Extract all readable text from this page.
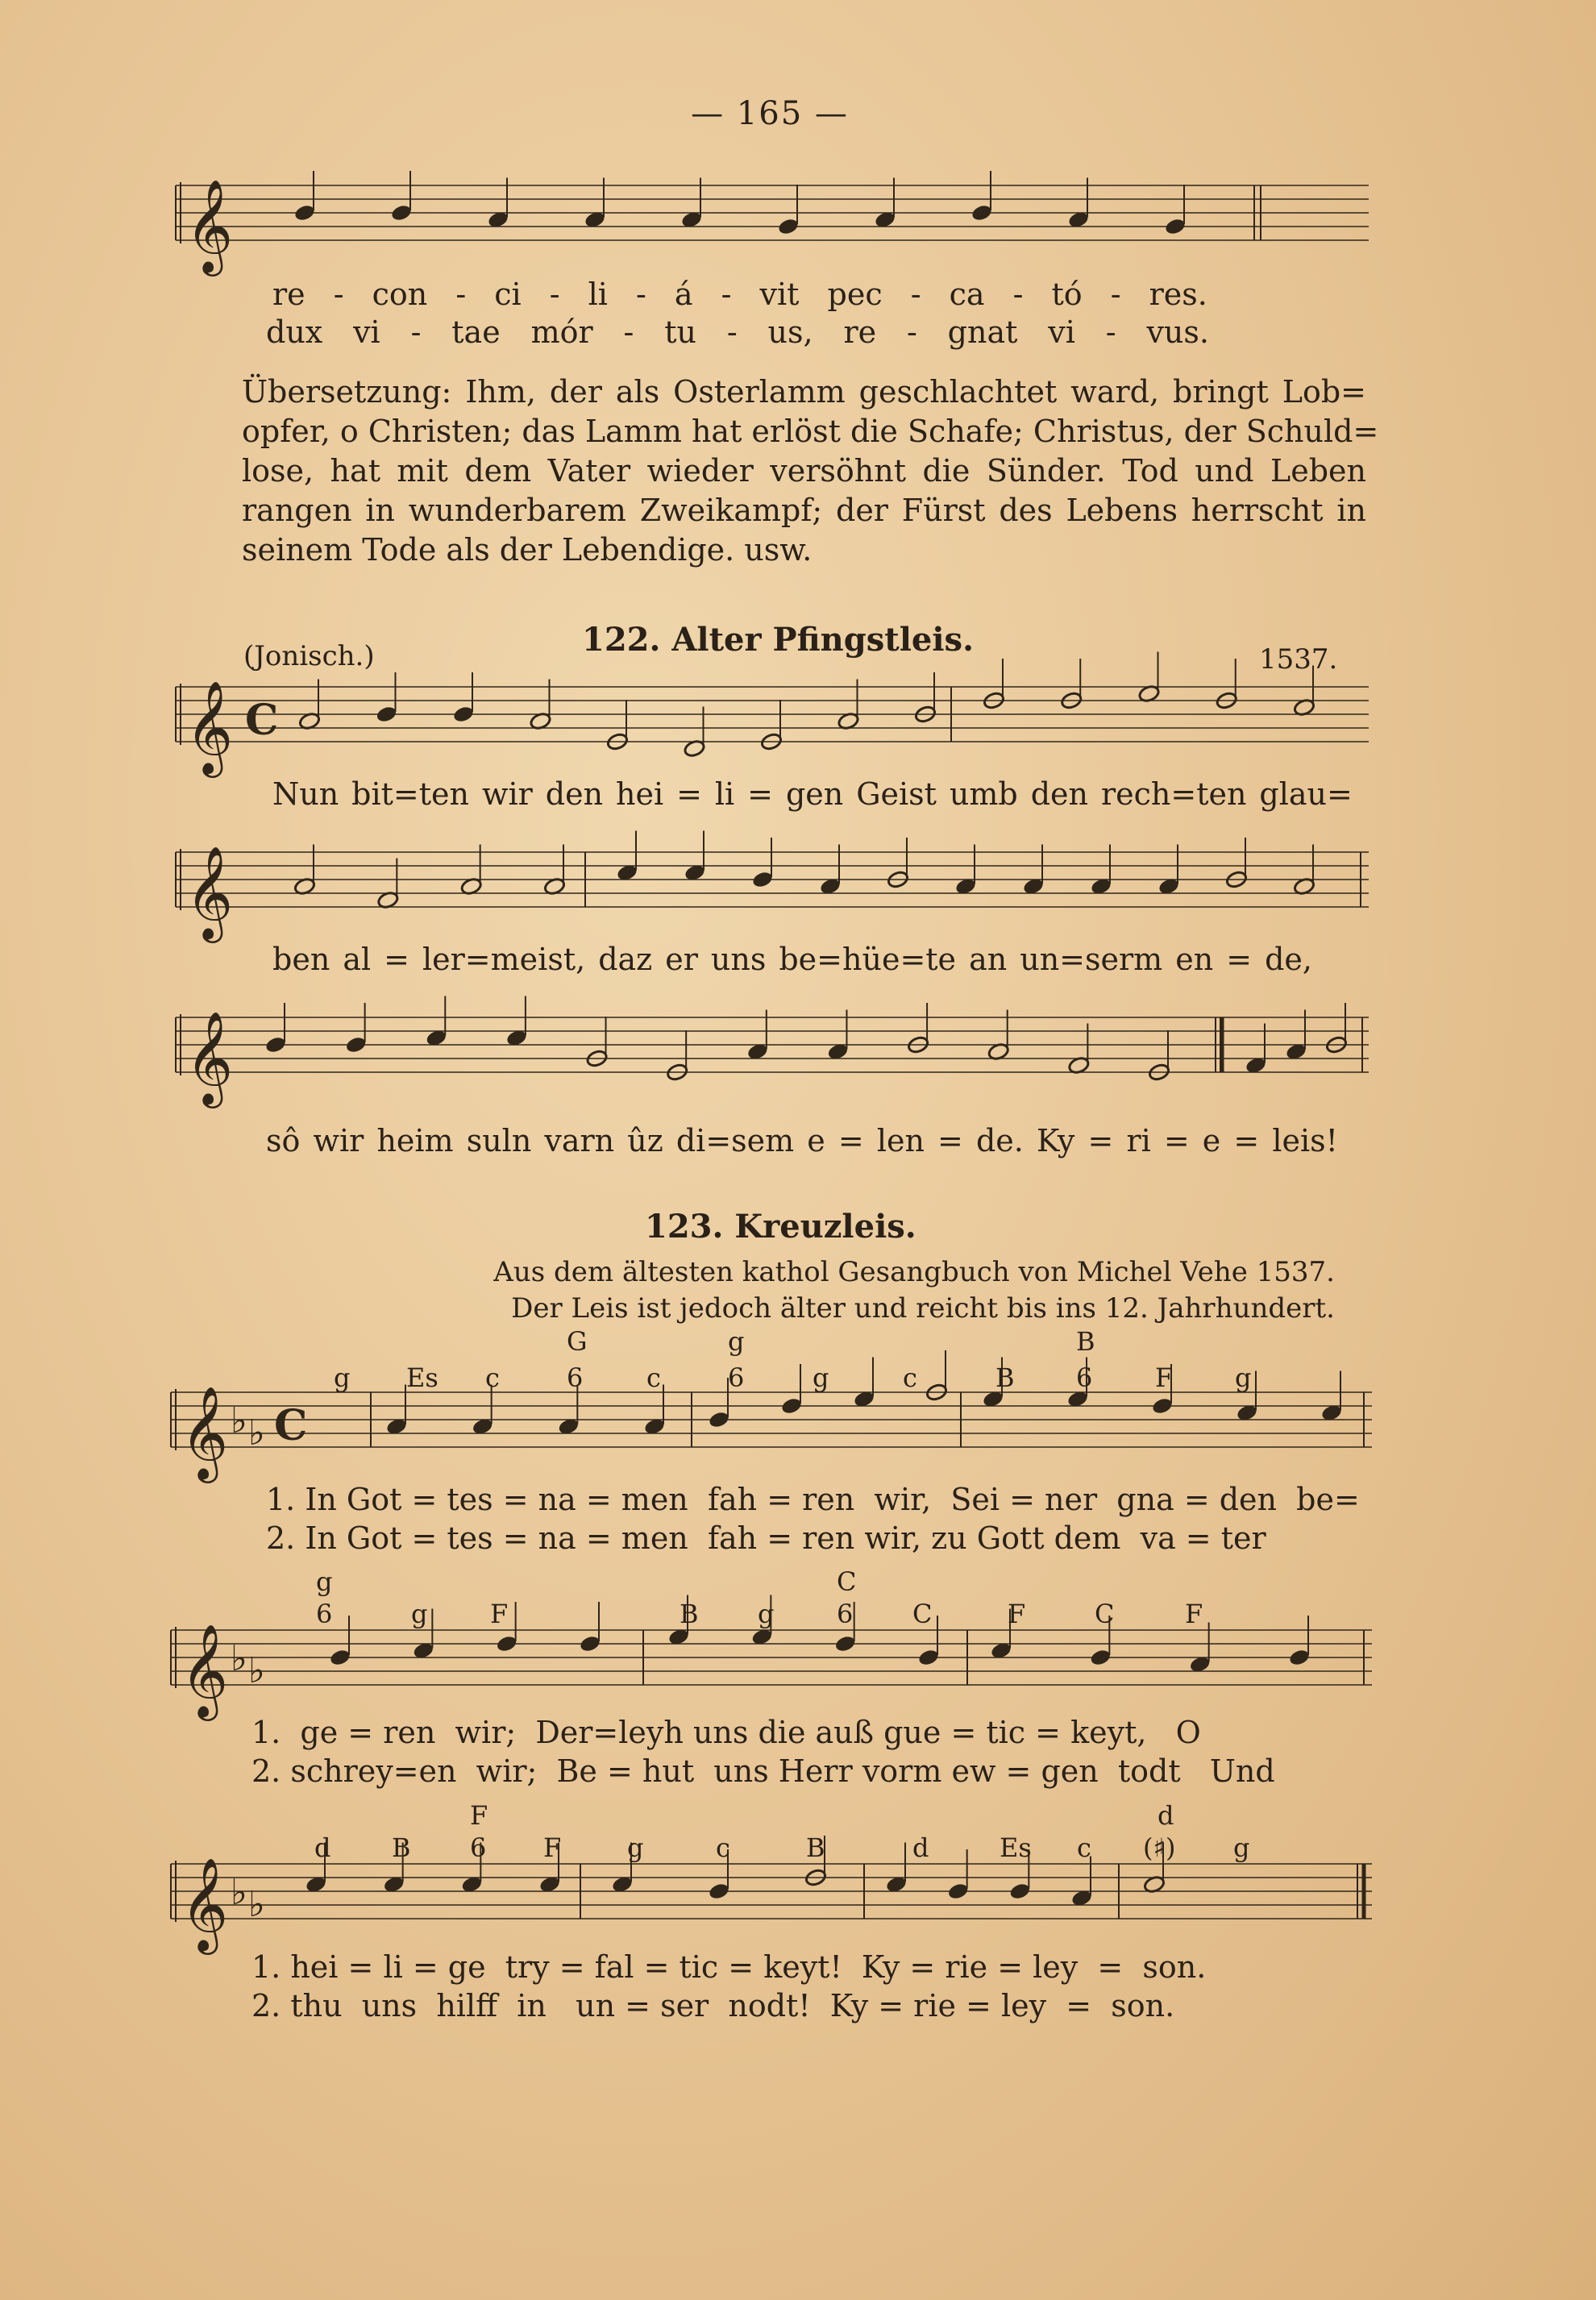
— 165 —
𝄞
re - con - ci - li - á - vit pec - ca - tó - res.
dux vi - tae mór - tu - us, re - gnat vi - vus.
Übersetzung: Ihm, der als Osterlamm geschlachtet ward, bringt Lob=
opfer, o Christen; das Lamm hat erlöst die Schafe; Christus, der Schuld=
lose, hat mit dem Vater wieder versöhnt die Sünder. Tod und Leben
rangen in wunderbarem Zweikampf; der Fürst des Lebens herrscht in
seinem Tode als der Lebendige. usw.
122. Alter Pfingstleis.
(Jonisch.)	1537.
𝄞 C
Nun bit=ten wir den hei = li = gen Geist umb den rech=ten glau=
𝄞
ben al = ler=meist, daz er uns be=hüe=te an un=serm en = de,
𝄞
sô wir heim suln varn ûz di=sem e = len = de. Ky = ri = e = leis!
123. Kreuzleis.
Aus dem ältesten kathol Gesangbuch von Michel Vehe 1537.
Der Leis ist jedoch älter und reicht bis ins 12. Jahrhundert.
G	g	B
g Es c	6 c	6	g	c	B 6 F g
𝄞 ♭ ♭ C
1. In Got = tes = na = men  fah = ren  wir,  Sei = ner  gna = den  be=
2. In Got = tes = na = men  fah = ren wir, zu Gott dem  va = ter
g	C
6	g F	B g 6 C	F	C	F
𝄞 ♭ ♭
1.  ge = ren  wir;  Der=leyh uns die auß gue = tic = keyt,   O
2. schrey=en  wir;  Be = hut  uns Herr vorm ew = gen  todt   Und
F	d
d B 6 F	g	c	B	d	Es c (♯) g
𝄞 ♭ ♭
1. hei = li = ge  try = fal = tic = keyt!  Ky = rie = ley  =  son.
2. thu  uns  hilff  in   un = ser  nodt!  Ky = rie = ley  =  son.
